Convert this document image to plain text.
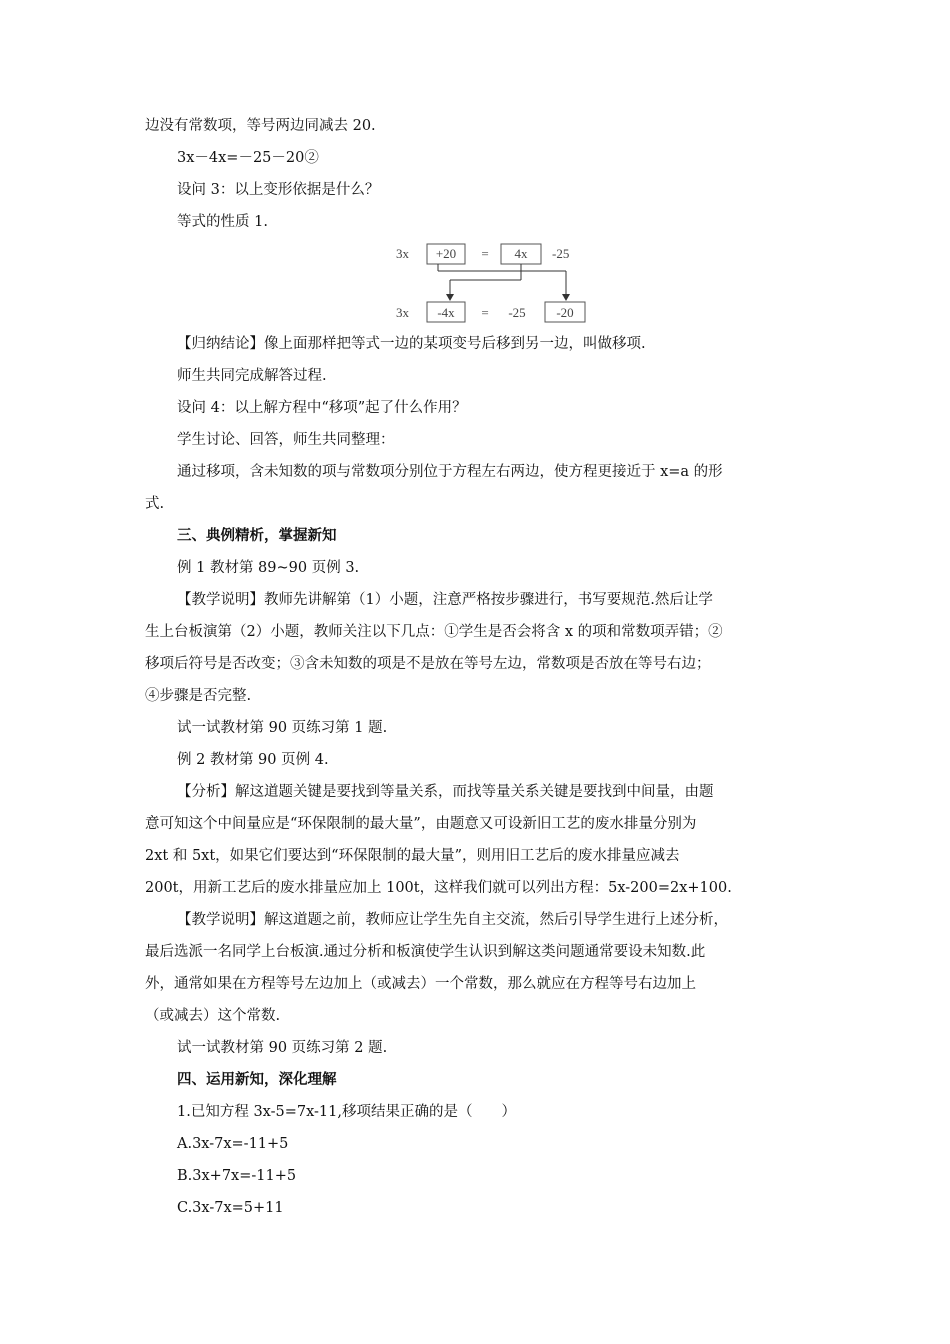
边没有常数项，等号两边同减去 20.
3x－4x=－25－20②
设问 3：以上变形依据是什么？
等式的性质 1.
3x +20 = 4x -25
3x -4x = -25 -20
【归纳结论】像上面那样把等式一边的某项变号后移到另一边，叫做移项.
师生共同完成解答过程.
设问 4：以上解方程中“移项”起了什么作用？
学生讨论、回答，师生共同整理：
通过移项，含未知数的项与常数项分别位于方程左右两边，使方程更接近于 x=a 的形
式.
三、典例精析，掌握新知
例 1 教材第 89~90 页例 3.
【教学说明】教师先讲解第（1）小题，注意严格按步骤进行，书写要规范.然后让学
生上台板演第（2）小题，教师关注以下几点：①学生是否会将含 x 的项和常数项弄错；②
移项后符号是否改变；③含未知数的项是不是放在等号左边，常数项是否放在等号右边；
④步骤是否完整.
试一试教材第 90 页练习第 1 题.
例 2 教材第 90 页例 4.
【分析】解这道题关键是要找到等量关系，而找等量关系关键是要找到中间量，由题
意可知这个中间量应是“环保限制的最大量”，由题意又可设新旧工艺的废水排量分别为
2xt 和 5xt，如果它们要达到“环保限制的最大量”，则用旧工艺后的废水排量应减去
200t，用新工艺后的废水排量应加上 100t，这样我们就可以列出方程：5x-200=2x+100.
【教学说明】解这道题之前，教师应让学生先自主交流，然后引导学生进行上述分析，
最后选派一名同学上台板演.通过分析和板演使学生认识到解这类问题通常要设未知数.此
外，通常如果在方程等号左边加上（或减去）一个常数，那么就应在方程等号右边加上
（或减去）这个常数.
试一试教材第 90 页练习第 2 题.
四、运用新知，深化理解
1.已知方程 3x-5=7x-11,移项结果正确的是（　　）
A.3x-7x=-11+5
B.3x+7x=-11+5
C.3x-7x=5+11
